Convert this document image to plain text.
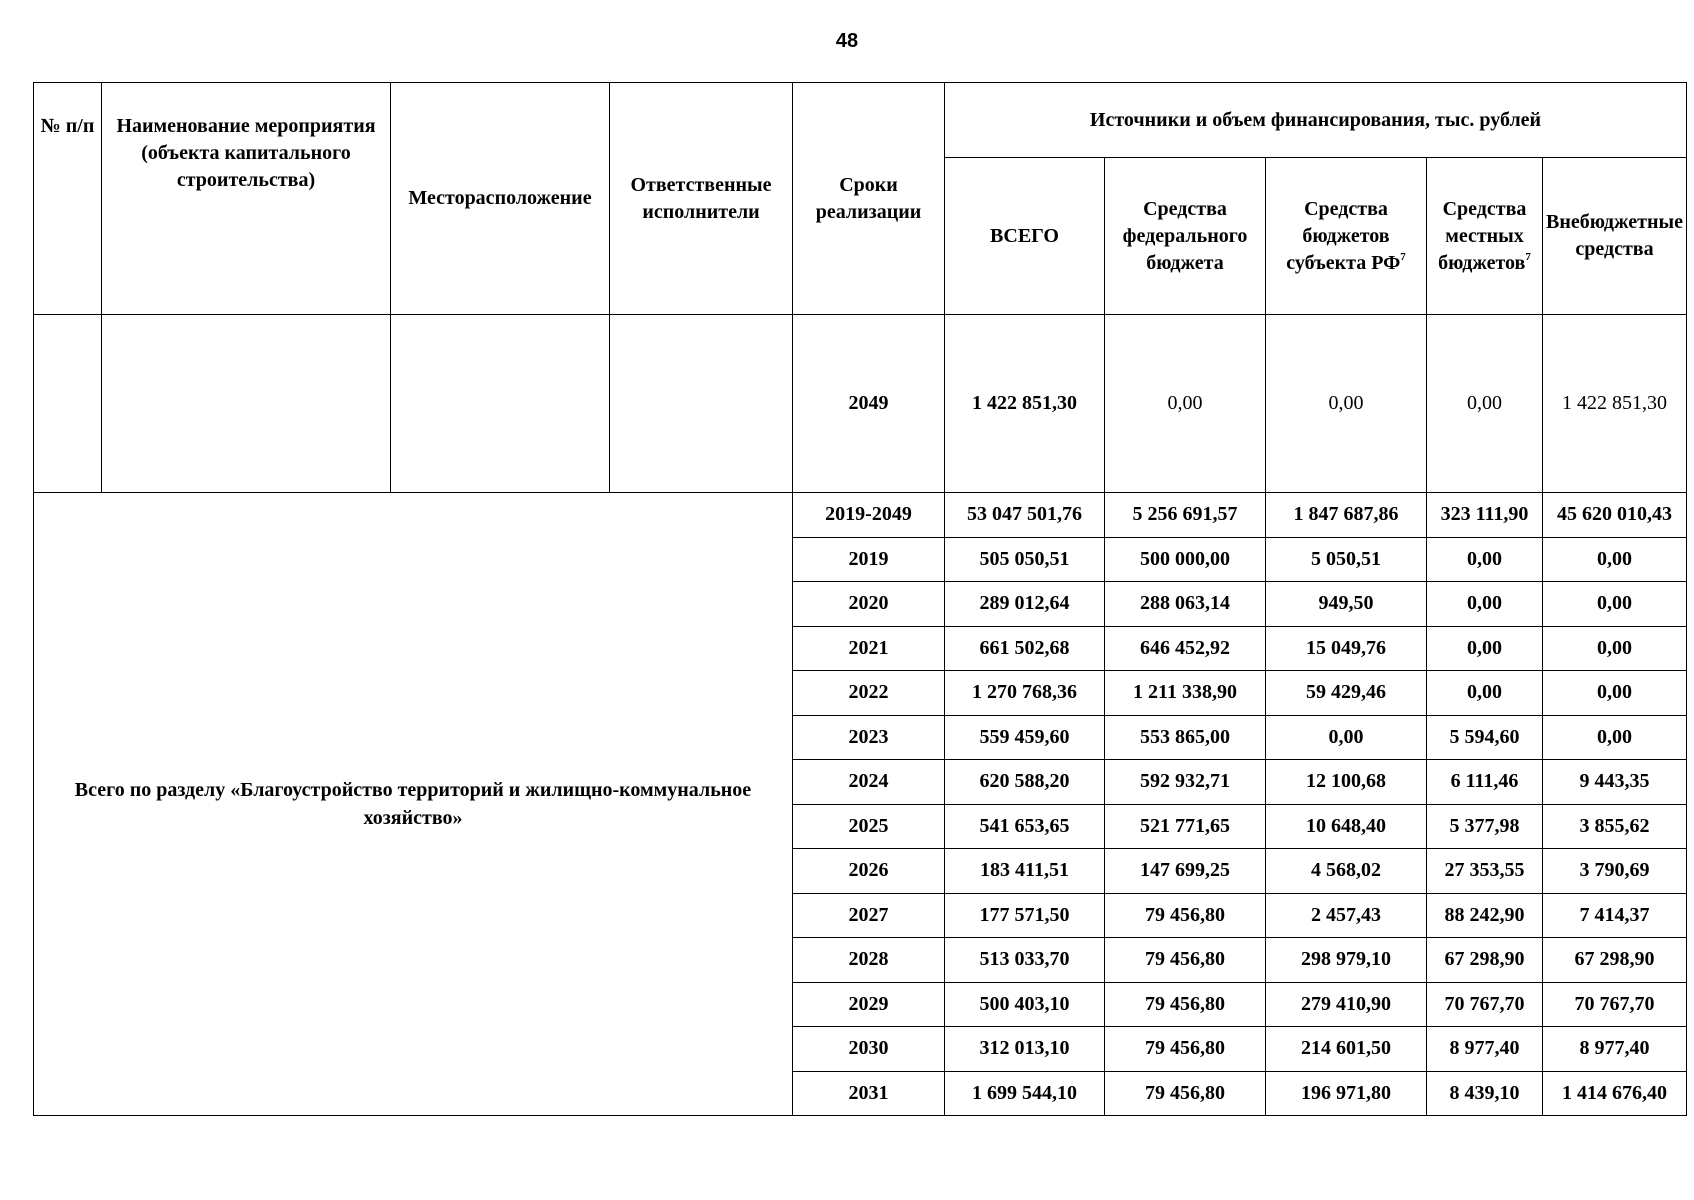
48
№ п/п	Наименование мероприятия (объекта капитального строительства)	Месторасположение	Ответственные исполнители	Сроки реализации	Источники и объем финансирования, тыс. рублей				
					ВСЕГО	Средства федерального бюджета	Средства бюджетов субъекта $РФ^7$	Средства местных бюджетов$^7$	Внебюджетные средства
				2049	1 422 851,30	0,00	0,00	0,00	1 422 851,30
Всего по разделу «Благоустройство территорий и жилищно-коммунальное хозяйство»				2019-2049	53 047 501,76	5 256 691,57	1 847 687,86	323 111,90	45 620 010,43
				2019	505 050,51	500 000,00	5 050,51	0,00	0,00
				2020	289 012,64	288 063,14	949,50	0,00	0,00
				2021	661 502,68	646 452,92	15 049,76	0,00	0,00
				2022	1 270 768,36	1 211 338,90	59 429,46	0,00	0,00
				2023	559 459,60	553 865,00	0,00	5 594,60	0,00
				2024	620 588,20	592 932,71	12 100,68	6 111,46	9 443,35
				2025	541 653,65	521 771,65	10 648,40	5 377,98	3 855,62
				2026	183 411,51	147 699,25	4 568,02	27 353,55	3 790,69
				2027	177 571,50	79 456,80	2 457,43	88 242,90	7 414,37
				2028	513 033,70	79 456,80	298 979,10	67 298,90	67 298,90
				2029	500 403,10	79 456,80	279 410,90	70 767,70	70 767,70
				2030	312 013,10	79 456,80	214 601,50	8 977,40	8 977,40
				2031	1 699 544,10	79 456,80	196 971,80	8 439,10	1 414 676,40
